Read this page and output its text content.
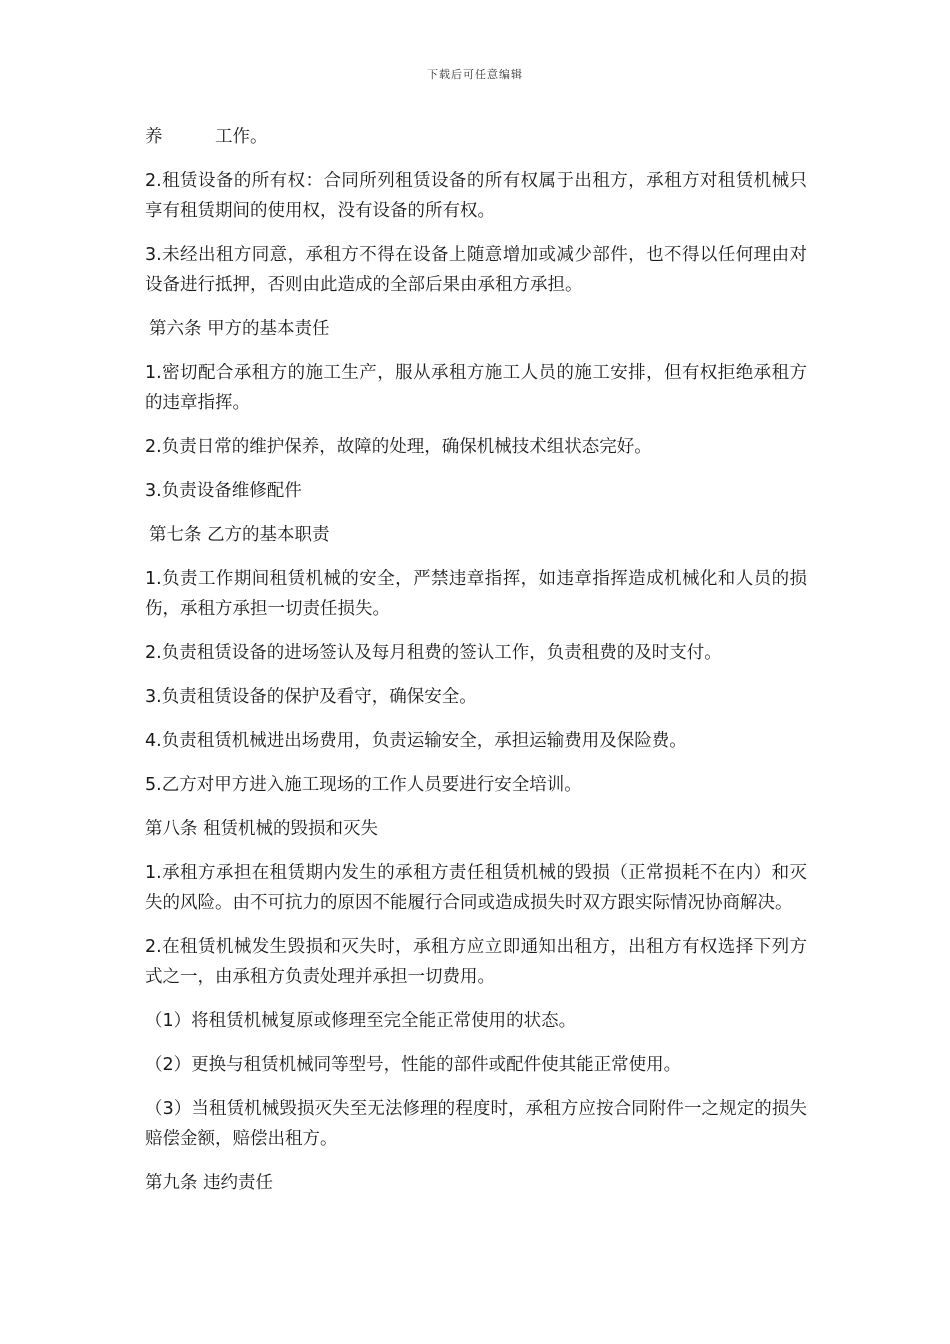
下载后可任意编辑

养　　　工作。

2.租赁设备的所有权：合同所列租赁设备的所有权属于出租方，承租方对租赁机械只享有租赁期间的使用权，没有设备的所有权。

3.未经出租方同意，承租方不得在设备上随意增加或减少部件，也不得以任何理由对设备进行抵押，否则由此造成的全部后果由承租方承担。

第六条 甲方的基本责任

1.密切配合承租方的施工生产，服从承租方施工人员的施工安排，但有权拒绝承租方的违章指挥。

2.负责日常的维护保养，故障的处理，确保机械技术组状态完好。

3.负责设备维修配件

第七条 乙方的基本职责

1.负责工作期间租赁机械的安全，严禁违章指挥，如违章指挥造成机械化和人员的损伤，承租方承担一切责任损失。

2.负责租赁设备的进场签认及每月租费的签认工作，负责租费的及时支付。

3.负责租赁设备的保护及看守，确保安全。

4.负责租赁机械进出场费用，负责运输安全，承担运输费用及保险费。

5.乙方对甲方进入施工现场的工作人员要进行安全培训。

第八条 租赁机械的毁损和灭失

1.承租方承担在租赁期内发生的承租方责任租赁机械的毁损（正常损耗不在内）和灭失的风险。由不可抗力的原因不能履行合同或造成损失时双方跟实际情况协商解决。

2.在租赁机械发生毁损和灭失时，承租方应立即通知出租方，出租方有权选择下列方式之一，由承租方负责处理并承担一切费用。

（1）将租赁机械复原或修理至完全能正常使用的状态。

（2）更换与租赁机械同等型号，性能的部件或配件使其能正常使用。

（3）当租赁机械毁损灭失至无法修理的程度时，承租方应按合同附件一之规定的损失赔偿金额，赔偿出租方。

第九条 违约责任
